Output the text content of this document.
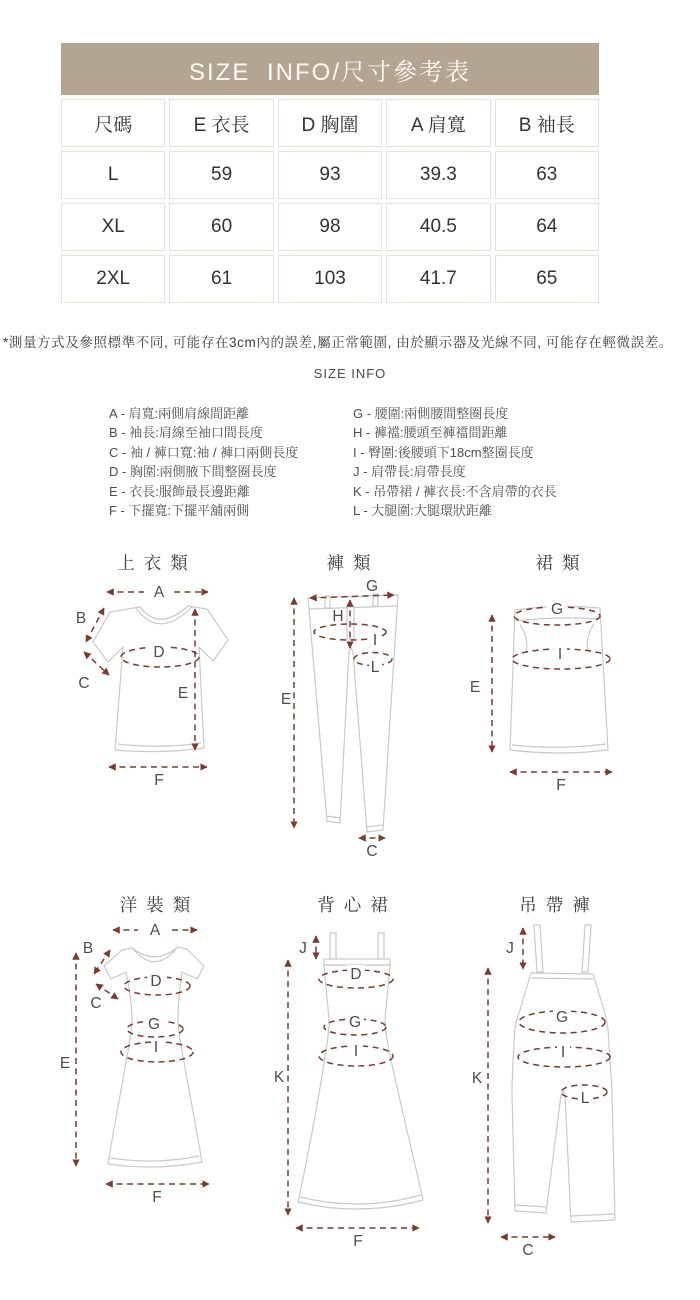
SIZE INFO/尺寸參考表				
尺碼	E 衣長	D 胸圍	A 肩寬	B 袖長
L	59	93	39.3	63
XL	60	98	40.5	64
2XL	61	103	41.7	65
*測量方式及參照標準不同, 可能存在3cm內的誤差,屬正常範圍, 由於顯示器及光線不同, 可能存在輕微誤差。
SIZE INFO
A - 肩寬:兩側肩線間距離
B - 袖長:肩線至袖口間長度
C - 袖 / 褲口寬:袖 / 褲口兩側長度
D - 胸圍:兩側腋下間整圈長度
E - 衣長:服飾最長邊距離
F - 下擺寬:下擺平舖兩側
G - 腰圍:兩側腰間整圈長度
H - 褲襠:腰頭至褲襠間距離
I - 臀圍:後腰頭下18cm整圈長度
J - 肩帶長:肩帶長度
K - 吊帶裙 / 褲衣長:不含肩帶的衣長
L - 大腿圍:大腿環狀距離
上衣類	褲類	裙類
洋裝類	背心裙	吊帶褲
A
B
C
D
E
F
G
H
I
L
E
C
G
I
E
F
A
B
C
D
G
I
E
F
J
D
G
I
K
F
J
G
I
L
K
C
